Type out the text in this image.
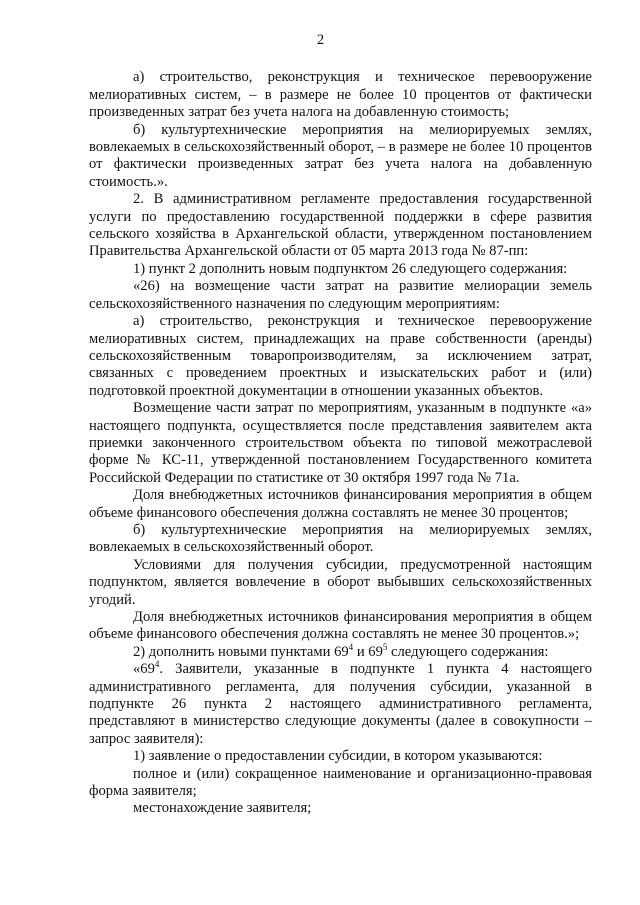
2

а) строительство, реконструкция и техническое перевооружение мелиоративных систем, – в размере не более 10 процентов от фактически произведенных затрат без учета налога на добавленную стоимость;

б) культуртехнические мероприятия на мелиорируемых землях, вовлекаемых в сельскохозяйственный оборот, – в размере не более 10 процентов от фактически произведенных затрат без учета налога на добавленную стоимость.».

2. В административном регламенте предоставления государственной услуги по предоставлению государственной поддержки в сфере развития сельского хозяйства в Архангельской области, утвержденном постановлением Правительства Архангельской области от 05 марта 2013 года № 87-пп:

1) пункт 2 дополнить новым подпунктом 26 следующего содержания:

«26) на возмещение части затрат на развитие мелиорации земель сельскохозяйственного назначения по следующим мероприятиям:

а) строительство, реконструкция и техническое перевооружение мелиоративных систем, принадлежащих на праве собственности (аренды) сельскохозяйственным товаропроизводителям, за исключением затрат, связанных с проведением проектных и изыскательских работ и (или) подготовкой проектной документации в отношении указанных объектов.

Возмещение части затрат по мероприятиям, указанным в подпункте «а» настоящего подпункта, осуществляется после представления заявителем акта приемки законченного строительством объекта по типовой межотраслевой форме № КС-11, утвержденной постановлением Государственного комитета Российской Федерации по статистике от 30 октября 1997 года № 71а.

Доля внебюджетных источников финансирования мероприятия в общем объеме финансового обеспечения должна составлять не менее 30 процентов;

б) культуртехнические мероприятия на мелиорируемых землях, вовлекаемых в сельскохозяйственный оборот.

Условиями для получения субсидии, предусмотренной настоящим подпунктом, является вовлечение в оборот выбывших сельскохозяйственных угодий.

Доля внебюджетных источников финансирования мероприятия в общем объеме финансового обеспечения должна составлять не менее 30 процентов.»;

2) дополнить новыми пунктами $69^4$ и $69^5$ следующего содержания:

«$69^4$. Заявители, указанные в подпункте 1 пункта 4 настоящего административного регламента, для получения субсидии, указанной в подпункте 26 пункта 2 настоящего административного регламента, представляют в министерство следующие документы (далее в совокупности – запрос заявителя):

1) заявление о предоставлении субсидии, в котором указываются:

полное и (или) сокращенное наименование и организационно-правовая форма заявителя;

местонахождение заявителя;
